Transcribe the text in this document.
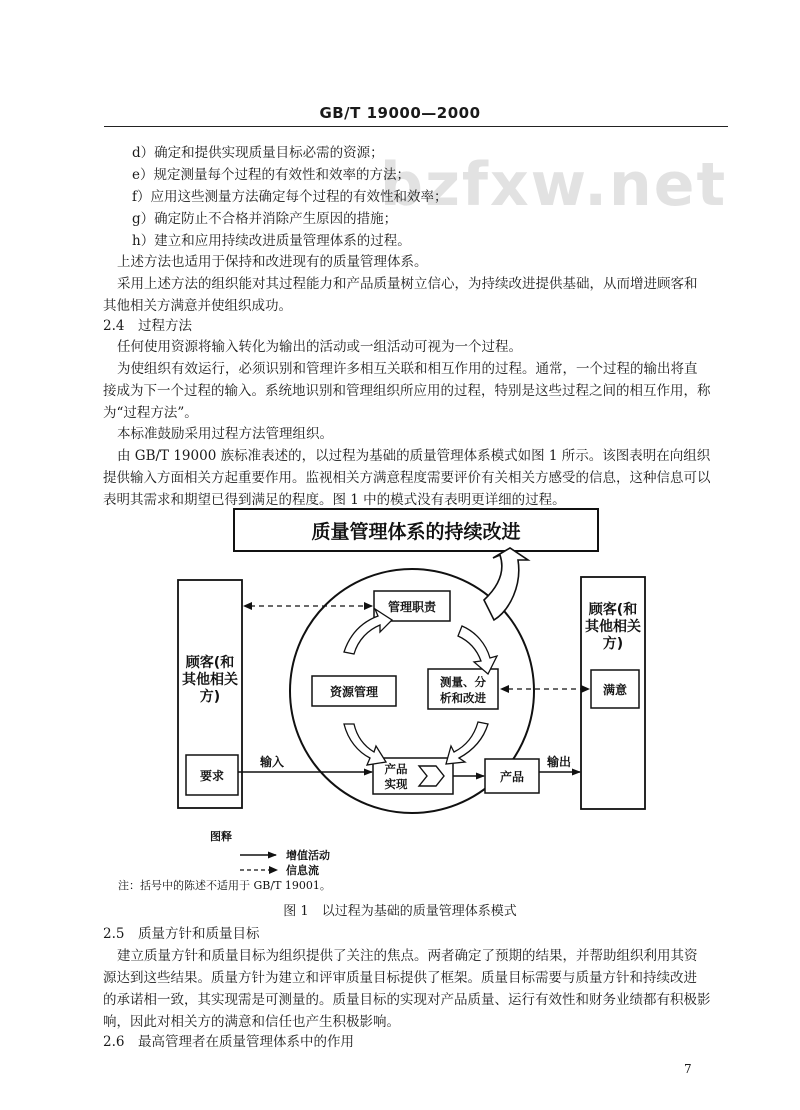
GB/T 19000—2000
bzfxw.net
d）确定和提供实现质量目标必需的资源；
e）规定测量每个过程的有效性和效率的方法；
f）应用这些测量方法确定每个过程的有效性和效率；
g）确定防止不合格并消除产生原因的措施；
h）建立和应用持续改进质量管理体系的过程。
上述方法也适用于保持和改进现有的质量管理体系。
采用上述方法的组织能对其过程能力和产品质量树立信心，为持续改进提供基础，从而增进顾客和
其他相关方满意并使组织成功。
2.4　过程方法
任何使用资源将输入转化为输出的活动或一组活动可视为一个过程。
为使组织有效运行，必须识别和管理许多相互关联和相互作用的过程。通常，一个过程的输出将直
接成为下一个过程的输入。系统地识别和管理组织所应用的过程，特别是这些过程之间的相互作用，称
为“过程方法”。
本标准鼓励采用过程方法管理组织。
由 GB/T 19000 族标准表述的，以过程为基础的质量管理体系模式如图 1 所示。该图表明在向组织
提供输入方面相关方起重要作用。监视相关方满意程度需要评价有关相关方感受的信息，这种信息可以
表明其需求和期望已得到满足的程度。图 1 中的模式没有表明更详细的过程。
质量管理体系的持续改进
顾客(和
其他相关
方)
要求
顾客(和
其他相关
方)
满意
管理职责
资源管理
测量、分
析和改进
产品
实现	产品
输入	输出
图释
增值活动
信息流
注：括号中的陈述不适用于 GB/T 19001。
图 1　以过程为基础的质量管理体系模式
2.5　质量方针和质量目标
建立质量方针和质量目标为组织提供了关注的焦点。两者确定了预期的结果，并帮助组织利用其资
源达到这些结果。质量方针为建立和评审质量目标提供了框架。质量目标需要与质量方针和持续改进
的承诺相一致，其实现需是可测量的。质量目标的实现对产品质量、运行有效性和财务业绩都有积极影
响，因此对相关方的满意和信任也产生积极影响。
2.6　最高管理者在质量管理体系中的作用
7
